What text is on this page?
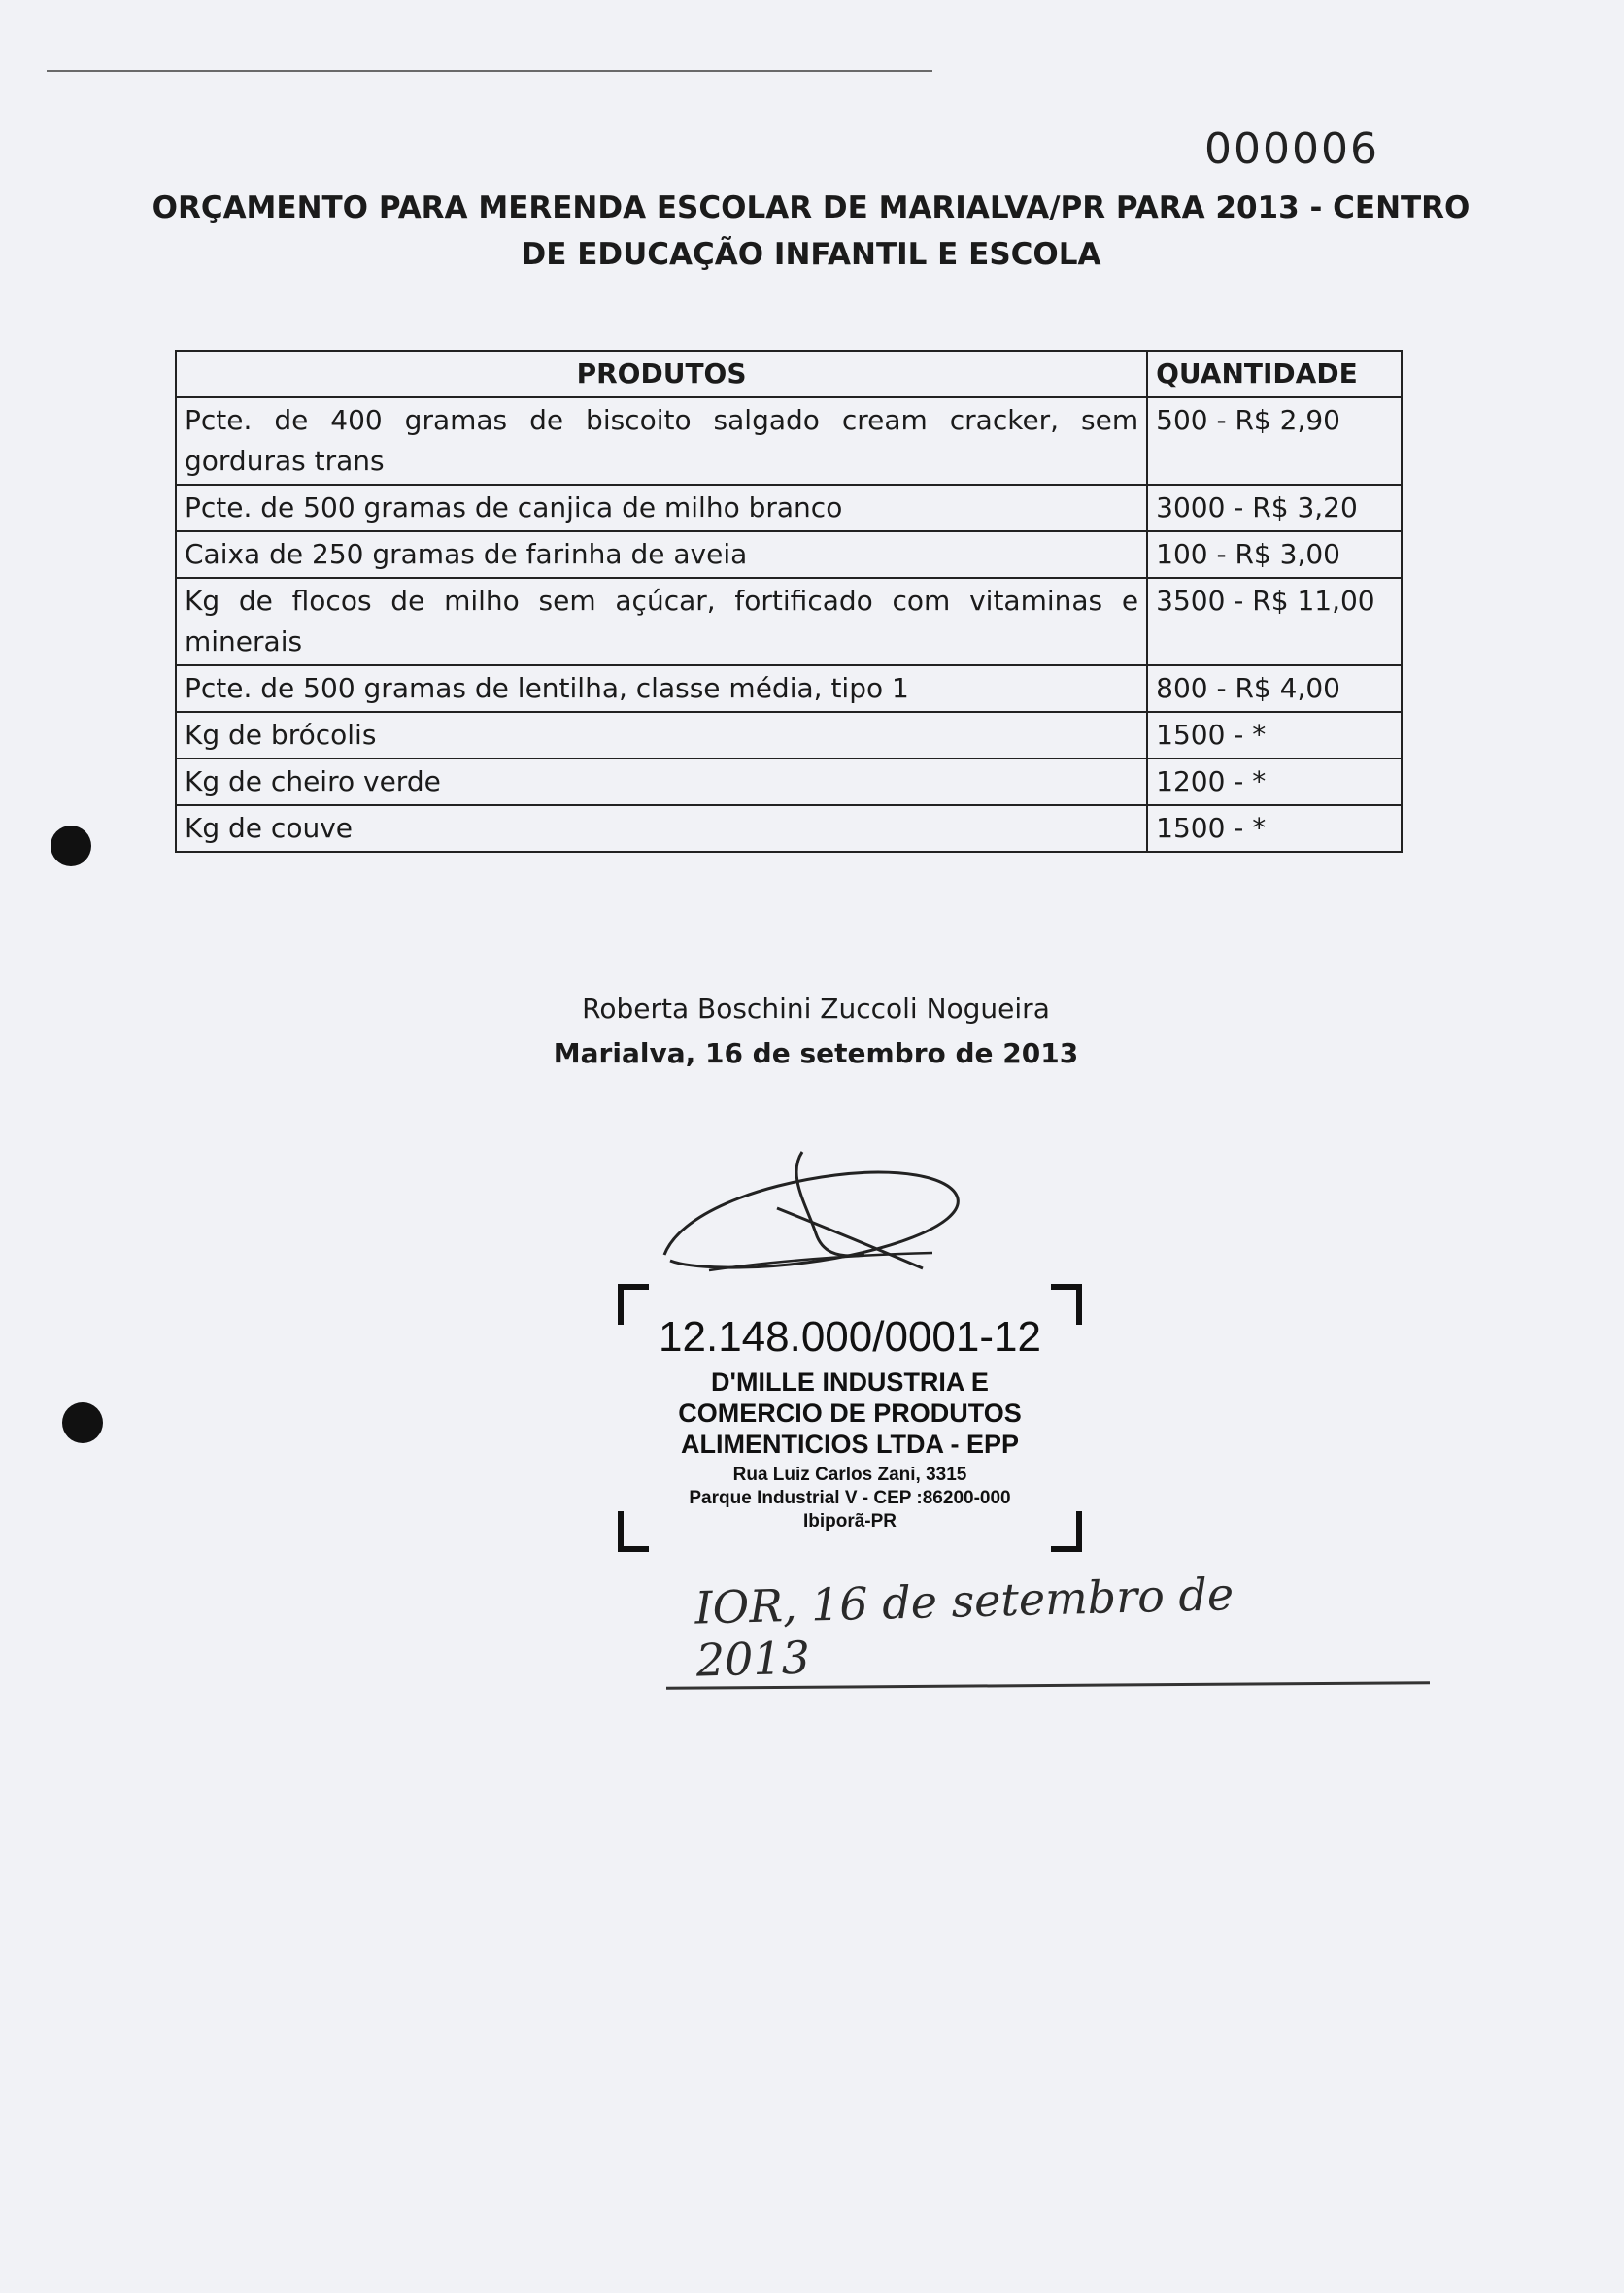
000006
ORÇAMENTO PARA MERENDA ESCOLAR DE MARIALVA/PR PARA 2013 - CENTRO DE EDUCAÇÃO INFANTIL E ESCOLA
PRODUTOS	QUANTIDADE
Pcte. de 400 gramas de biscoito salgado cream cracker, sem gorduras trans	500 - R$ 2,90
Pcte. de 500 gramas de canjica de milho branco	3000 - R$ 3,20
Caixa de 250 gramas de farinha de aveia	100 - R$ 3,00
Kg de flocos de milho sem açúcar, fortificado com vitaminas e minerais	3500 - R$ 11,00
Pcte. de 500 gramas de lentilha, classe média, tipo 1	800 - R$ 4,00
Kg de brócolis	1500 - *
Kg de cheiro verde	1200 - *
Kg de couve	1500 - *
Roberta Boschini Zuccoli Nogueira
Marialva, 16 de setembro de 2013
12.148.000/0001-12
D'MILLE INDUSTRIA E
COMERCIO DE PRODUTOS
ALIMENTICIOS LTDA - EPP
Rua Luiz Carlos Zani, 3315
Parque Industrial V - CEP :86200-000
Ibiporã-PR
IOR, 16 de setembro de 2013
